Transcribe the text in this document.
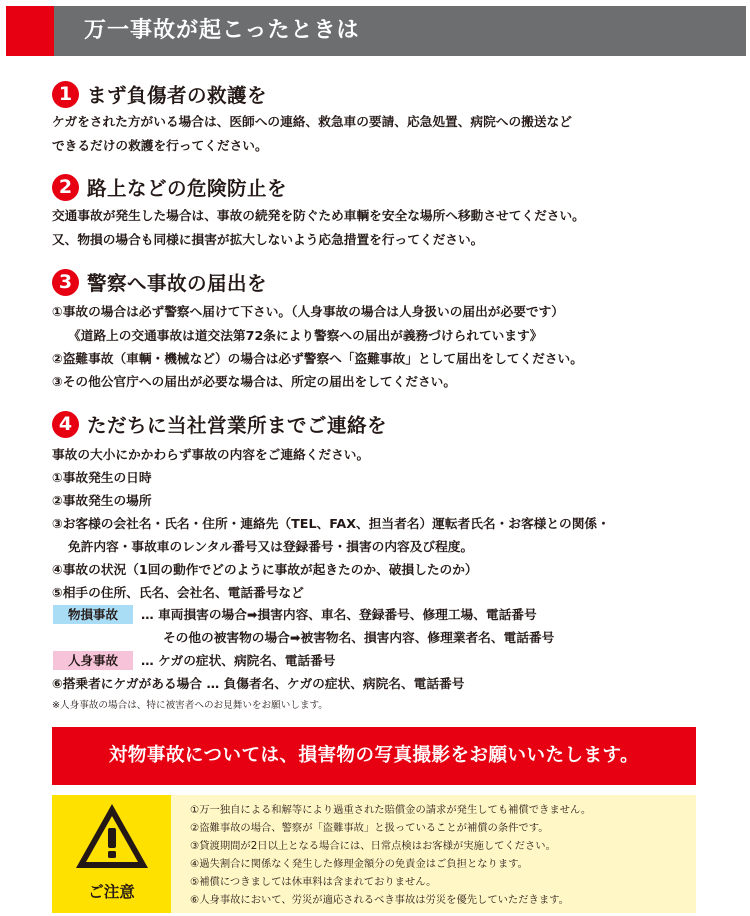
万一事故が起こったときは
1 まず負傷者の救護を
ケガをされた方がいる場合は、医師への連絡、救急車の要請、応急処置、病院への搬送など
できるだけの救護を行ってください。
2 路上などの危険防止を
交通事故が発生した場合は、事故の続発を防ぐため車輌を安全な場所へ移動させてください。
又、物損の場合も同様に損害が拡大しないよう応急措置を行ってください。
3 警察へ事故の届出を
①事故の場合は必ず警察へ届けて下さい。（人身事故の場合は人身扱いの届出が必要です）
《道路上の交通事故は道交法第72条により警察への届出が義務づけられています》
②盗難事故（車輌・機械など）の場合は必ず警察へ「盗難事故」として届出をしてください。
③その他公官庁への届出が必要な場合は、所定の届出をしてください。
4 ただちに当社営業所までご連絡を
事故の大小にかかわらず事故の内容をご連絡ください。
①事故発生の日時
②事故発生の場所
③お客様の会社名・氏名・住所・連絡先（TEL、FAX、担当者名）運転者氏名・お客様との関係・
免許内容・事故車のレンタル番号又は登録番号・損害の内容及び程度。
④事故の状況（1回の動作でどのように事故が起きたのか、破損したのか）
⑤相手の住所、氏名、会社名、電話番号など
物損事故	… 車両損害の場合➡損害内容、車名、登録番号、修理工場、電話番号
その他の被害物の場合➡被害物名、損害内容、修理業者名、電話番号
人身事故	… ケガの症状、病院名、電話番号
⑥搭乗者にケガがある場合 … 負傷者名、ケガの症状、病院名、電話番号
※人身事故の場合は、特に被害者へのお見舞いをお願いします。
対物事故については、損害物の写真撮影をお願いいたします。
ご注意
①万一独自による和解等により過重された賠償金の請求が発生しても補償できません。
②盗難事故の場合、警察が「盗難事故」と扱っていることが補償の条件です。
③貸渡期間が2日以上となる場合には、日常点検はお客様が実施してください。
④過失割合に関係なく発生した修理金額分の免責金はご負担となります。
⑤補償につきましては休車料は含まれておりません。
⑥人身事故において、労災が適応されるべき事故は労災を優先していただきます。
